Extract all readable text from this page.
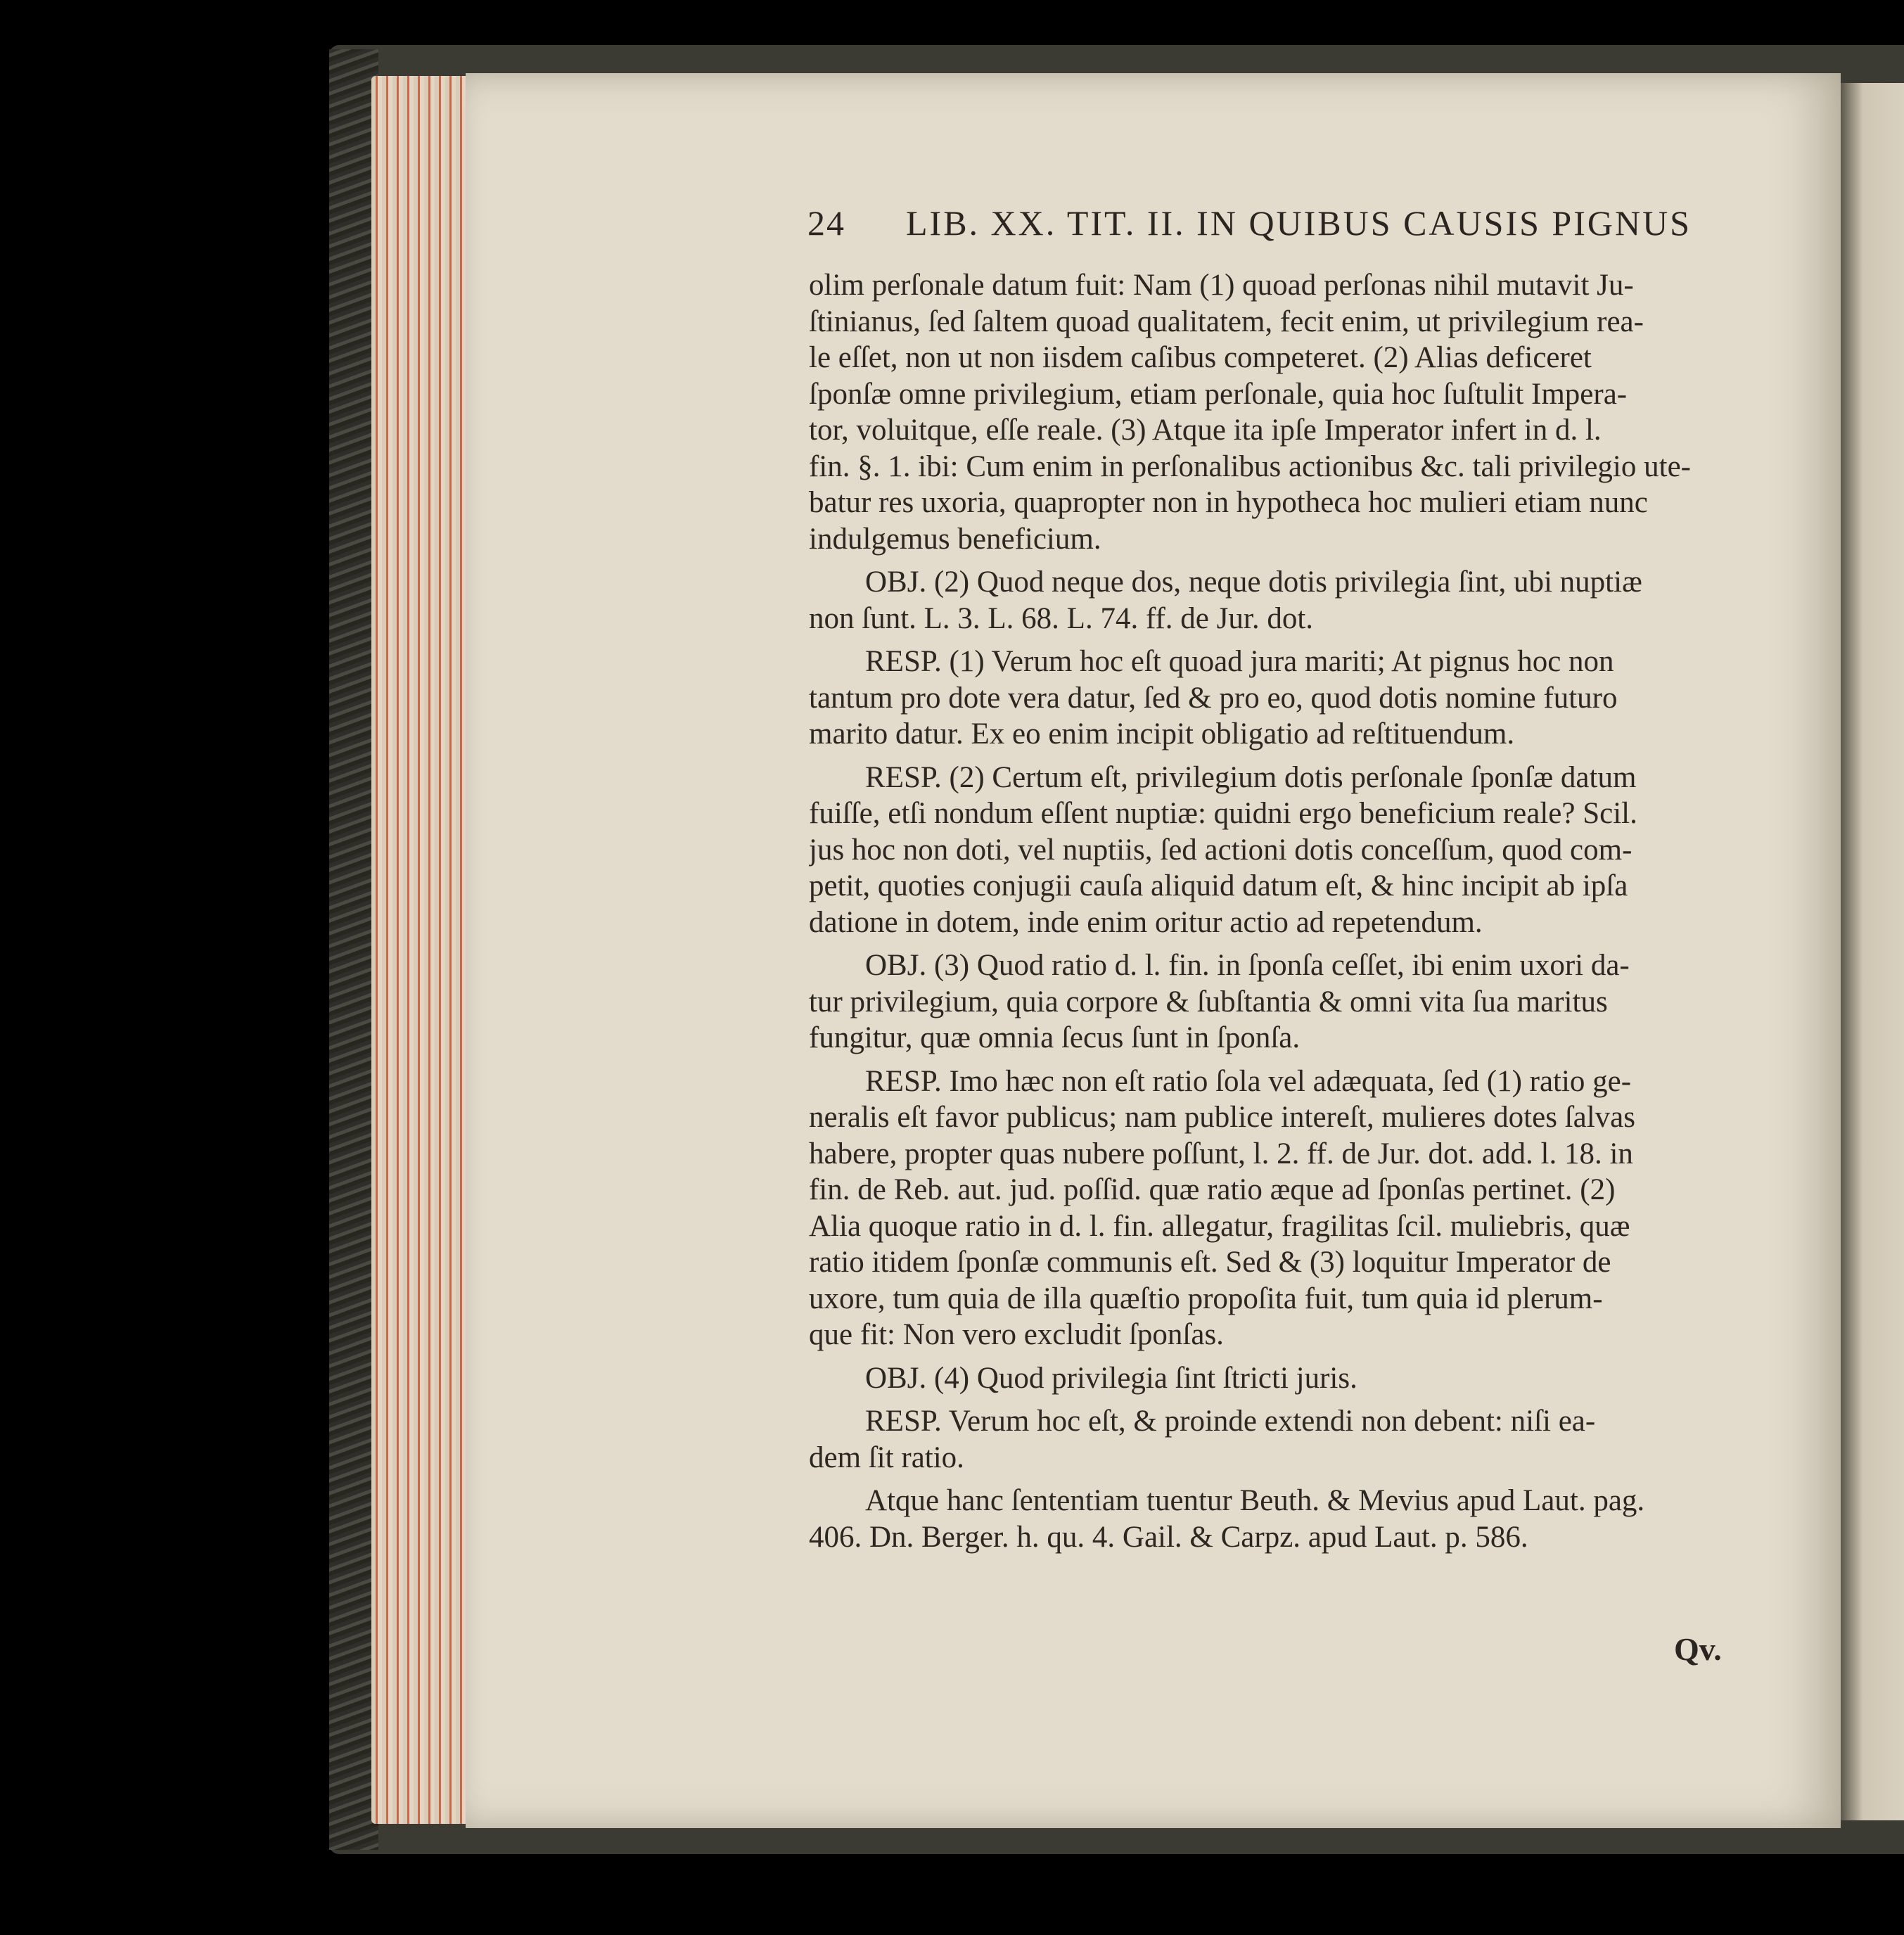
24 LIB. XX. TIT. II. IN QUIBUS CAUSIS PIGNUS
olim perſonale datum fuit: Nam (1) quoad perſonas nihil mutavit Ju-
ſtinianus, ſed ſaltem quoad qualitatem, fecit enim, ut privilegium rea-
le eſſet, non ut non iisdem caſibus competeret. (2) Alias deficeret
ſponſæ omne privilegium, etiam perſonale, quia hoc ſuſtulit Impera-
tor, voluitque, eſſe reale. (3) Atque ita ipſe Imperator infert in d. l.
fin. §. 1. ibi: Cum enim in perſonalibus actionibus &c. tali privilegio ute-
batur res uxoria, quapropter non in hypotheca hoc mulieri etiam nunc
indulgemus beneficium.
OBJ. (2) Quod neque dos, neque dotis privilegia ſint, ubi nuptiæ
non ſunt. L. 3. L. 68. L. 74. ff. de Jur. dot.
RESP. (1) Verum hoc eſt quoad jura mariti; At pignus hoc non
tantum pro dote vera datur, ſed & pro eo, quod dotis nomine futuro
marito datur. Ex eo enim incipit obligatio ad reſtituendum.
RESP. (2) Certum eſt, privilegium dotis perſonale ſponſæ datum
fuiſſe, etſi nondum eſſent nuptiæ: quidni ergo beneficium reale? Scil.
jus hoc non doti, vel nuptiis, ſed actioni dotis conceſſum, quod com-
petit, quoties conjugii cauſa aliquid datum eſt, & hinc incipit ab ipſa
datione in dotem, inde enim oritur actio ad repetendum.
OBJ. (3) Quod ratio d. l. fin. in ſponſa ceſſet, ibi enim uxori da-
tur privilegium, quia corpore & ſubſtantia & omni vita ſua maritus
fungitur, quæ omnia ſecus ſunt in ſponſa.
RESP. Imo hæc non eſt ratio ſola vel adæquata, ſed (1) ratio ge-
neralis eſt favor publicus; nam publice intereſt, mulieres dotes ſalvas
habere, propter quas nubere poſſunt, l. 2. ff. de Jur. dot. add. l. 18. in
fin. de Reb. aut. jud. poſſid. quæ ratio æque ad ſponſas pertinet. (2)
Alia quoque ratio in d. l. fin. allegatur, fragilitas ſcil. muliebris, quæ
ratio itidem ſponſæ communis eſt. Sed & (3) loquitur Imperator de
uxore, tum quia de illa quæſtio propoſita fuit, tum quia id plerum-
que fit: Non vero excludit ſponſas.
OBJ. (4) Quod privilegia ſint ſtricti juris.
RESP. Verum hoc eſt, & proinde extendi non debent: niſi ea-
dem ſit ratio.
Atque hanc ſententiam tuentur Beuth. & Mevius apud Laut. pag.
406. Dn. Berger. h. qu. 4. Gail. & Carpz. apud Laut. p. 586.
Qv.
